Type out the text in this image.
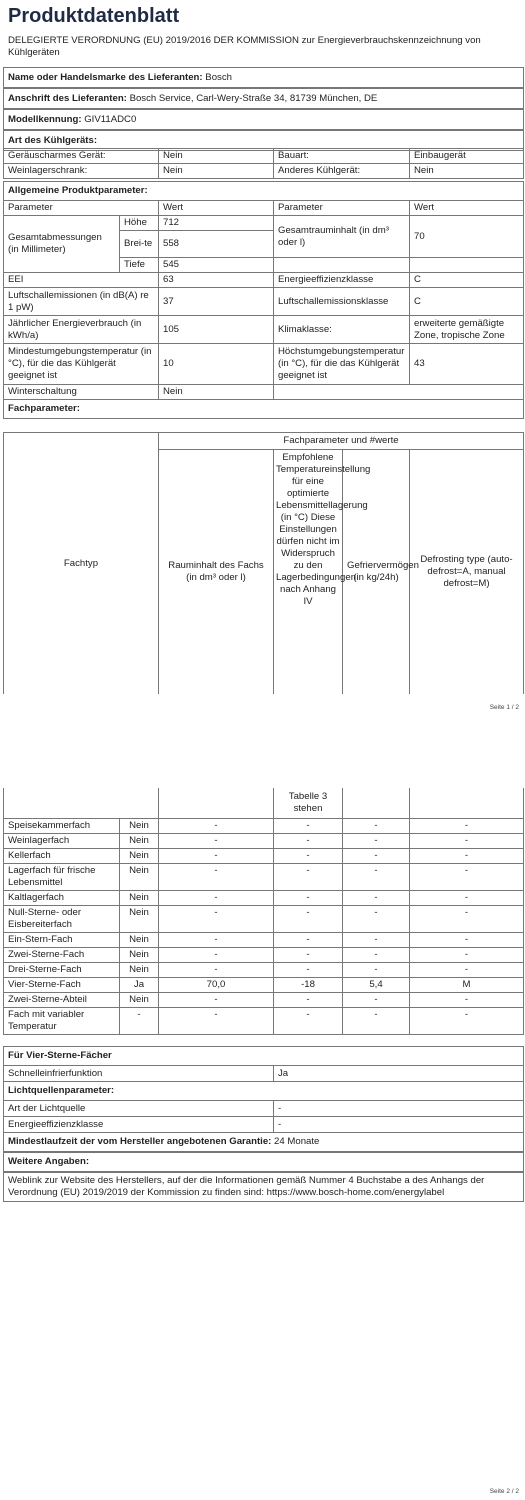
Produktdatenblatt
DELEGIERTE VERORDNUNG (EU) 2019/2016 DER KOMMISSION zur Energieverbrauchskennzeichnung von Kühlgeräten
Name oder Handelsmarke des Lieferanten: Bosch
Anschrift des Lieferanten: Bosch Service, Carl-Wery-Straße 34, 81739 München, DE
Modellkennung: GIV11ADC0
Art des Kühlgeräts:
Geräuscharmes Gerät:	Nein	Bauart:	Einbaugerät
Weinlagerschrank:	Nein	Anderes Kühlgerät:	Nein
Allgemeine Produktparameter:				
Parameter		Wert	Parameter	Wert
Gesamtabmessungen (in Millimeter)	Höhe	712	Gesamtrauminhalt (in dm³ oder l)	70
	Brei-te	558		
	Tiefe	545		
EEI		63	Energieeffizienzklasse	C
Luftschallemissionen (in dB(A) re 1 pW)		37	Luftschallemissionsklasse	C
Jährlicher Energieverbrauch (in kWh/a)		105	Klimaklasse:	erweiterte gemäßigte Zone, tropische Zone
Mindestumgebungstemperatur (in °C), für die das Kühlgerät geeignet ist		10	Höchstumgebungstemperatur (in °C), für die das Kühlgerät geeignet ist	43
Winterschaltung		Nein		
Fachparameter:				
Fachtyp	Fachparameter und #werte			
	Rauminhalt des Fachs (in dm³ oder l)	Empfohlene Temperatureinstellung für eine optimierte Lebensmittellagerung (in °C) Diese Einstellungen dürfen nicht im Widerspruch zu den Lagerbedingungen nach Anhang IV	Gefriervermögen (in kg/24h)	Defrosting type (auto-defrost=A, manual defrost=M)
Seite 1 / 2
			Tabelle 3 stehen		
Speisekammerfach	Nein	-	-	-	-
Weinlagerfach	Nein	-	-	-	-
Kellerfach	Nein	-	-	-	-
Lagerfach für frische Lebensmittel	Nein	-	-	-	-
Kaltlagerfach	Nein	-	-	-	-
Null-Sterne- oder Eisbereiterfach	Nein	-	-	-	-
Ein-Stern-Fach	Nein	-	-	-	-
Zwei-Sterne-Fach	Nein	-	-	-	-
Drei-Sterne-Fach	Nein	-	-	-	-
Vier-Sterne-Fach	Ja	70,0	-18	5,4	M
Zwei-Sterne-Abteil	Nein	-	-	-	-
Fach mit variabler Temperatur	-	-	-	-	-
Für Vier-Sterne-Fächer	
Schnelleinfrierfunktion	Ja
Lichtquellenparameter:	
Art der Lichtquelle	-
Energieeffizienzklasse	-
Mindestlaufzeit der vom Hersteller angebotenen Garantie: 24 Monate	
Weitere Angaben:	
Weblink zur Website des Herstellers, auf der die Informationen gemäß Nummer 4 Buchstabe a des Anhangs der Verordnung (EU) 2019/2019 der Kommission zu finden sind: https://www.bosch-home.com/energylabel	
Seite 2 / 2
